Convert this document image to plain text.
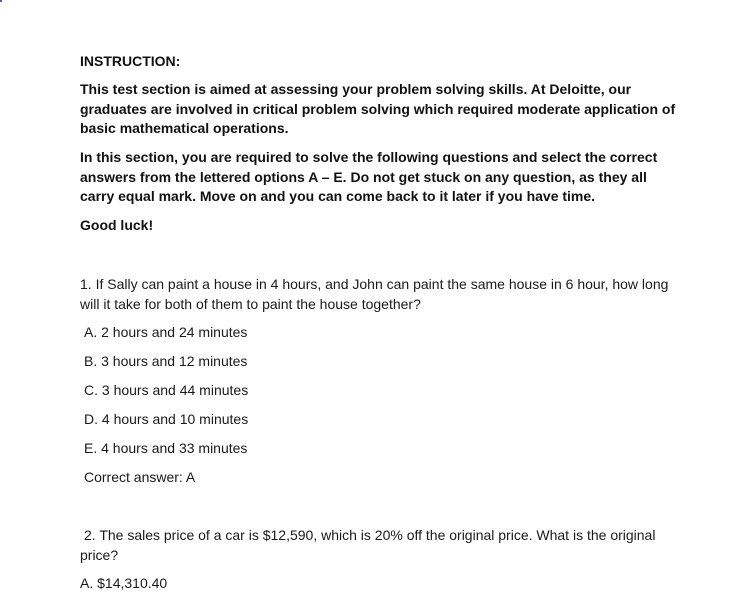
INSTRUCTION:
This test section is aimed at assessing your problem solving skills. At Deloitte, our graduates are involved in critical problem solving which required moderate application of basic mathematical operations.
In this section, you are required to solve the following questions and select the correct answers from the lettered options A – E. Do not get stuck on any question, as they all carry equal mark. Move on and you can come back to it later if you have time.
Good luck!
1. If Sally can paint a house in 4 hours, and John can paint the same house in 6 hour, how long will it take for both of them to paint the house together?
A. 2 hours and 24 minutes
B. 3 hours and 12 minutes
C. 3 hours and 44 minutes
D. 4 hours and 10 minutes
E. 4 hours and 33 minutes
Correct answer: A
2. The sales price of a car is $12,590, which is 20% off the original price. What is the original price?
A. $14,310.40
